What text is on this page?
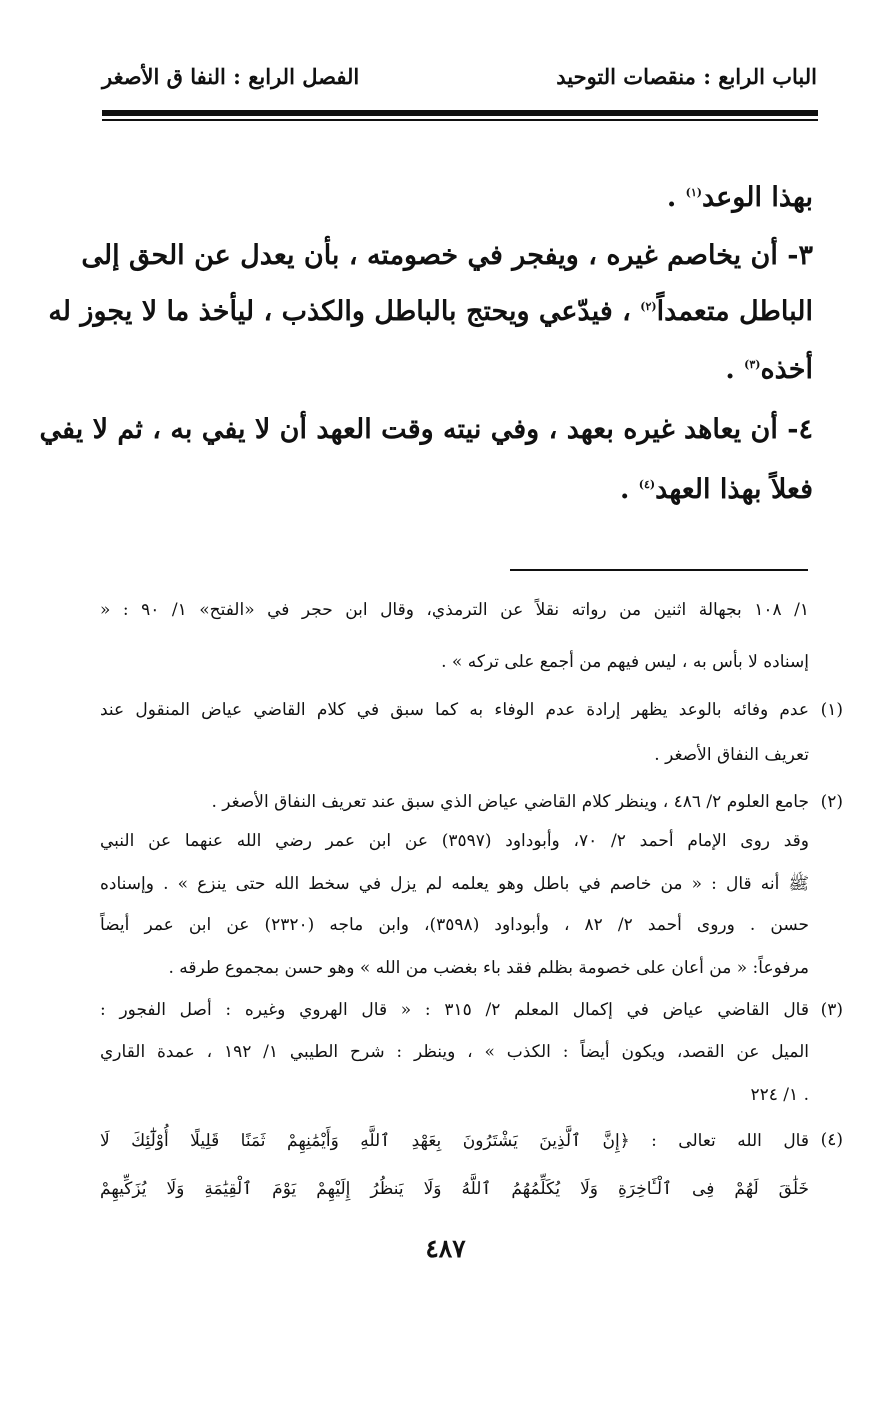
الباب الرابع : منقصات التوحيد
الفصل الرابع : النفا ق الأصغر
بهذا الوعد$^{(١)}$ .
٣- أن يخاصم غيره ، ويفجر في خصومته ، بأن يعدل عن الحق إلى
الباطل متعمداً$^{(٢)}$ ، فيدّعي ويحتج بالباطل والكذب ، ليأخذ ما لا يجوز له
أخذه$^{(٣)}$ .
٤- أن يعاهد غيره بعهد ، وفي نيته وقت العهد أن لا يفي به ، ثم لا يفي
فعلاً بهذا العهد$^{(٤)}$ .
١/ ١٠٨ بجهالة اثنين من رواته نقلاً عن الترمذي، وقال ابن حجر في «الفتح» ١/ ٩٠ : «
إسناده لا بأس به ، ليس فيهم من أجمع على تركه » .
(١)
عدم وفائه بالوعد يظهر إرادة عدم الوفاء به كما سبق في كلام القاضي عياض المنقول عند
تعريف النفاق الأصغر .
(٢)
جامع العلوم ٢/ ٤٨٦ ، وينظر كلام القاضي عياض الذي سبق عند تعريف النفاق الأصغر .
وقد روى الإمام أحمد ٢/ ٧٠، وأبوداود (٣٥٩٧) عن ابن عمر رضي الله عنهما عن النبي
ﷺ أنه قال : « من خاصم في باطل وهو يعلمه لم يزل في سخط الله حتى ينزع » . وإسناده
حسن . وروى أحمد ٢/ ٨٢ ، وأبوداود (٣٥٩٨)، وابن ماجه (٢٣٢٠) عن ابن عمر أيضاً
مرفوعاً: « من أعان على خصومة بظلم فقد باء بغضب من الله » وهو حسن بمجموع طرقه .
(٣)
قال القاضي عياض في إكمال المعلم ٢/ ٣١٥ : « قال الهروي وغيره : أصل الفجور :
الميل عن القصد، ويكون أيضاً : الكذب » ، وينظر : شرح الطيبي ١/ ١٩٢ ، عمدة القاري
١/ ٢٢٤ .
(٤)
قال الله تعالى : ﴿إِنَّ ٱلَّذِينَ يَشْتَرُونَ بِعَهْدِ ٱللَّهِ وَأَيْمَٰنِهِمْ ثَمَنًا قَلِيلًا أُوْلَٰٓئِكَ لَا
خَلَٰقَ لَهُمْ فِى ٱلْـَٔاخِرَةِ وَلَا يُكَلِّمُهُمُ ٱللَّهُ وَلَا يَنظُرُ إِلَيْهِمْ يَوْمَ ٱلْقِيَٰمَةِ وَلَا يُزَكِّيهِمْ
٤٨٧
